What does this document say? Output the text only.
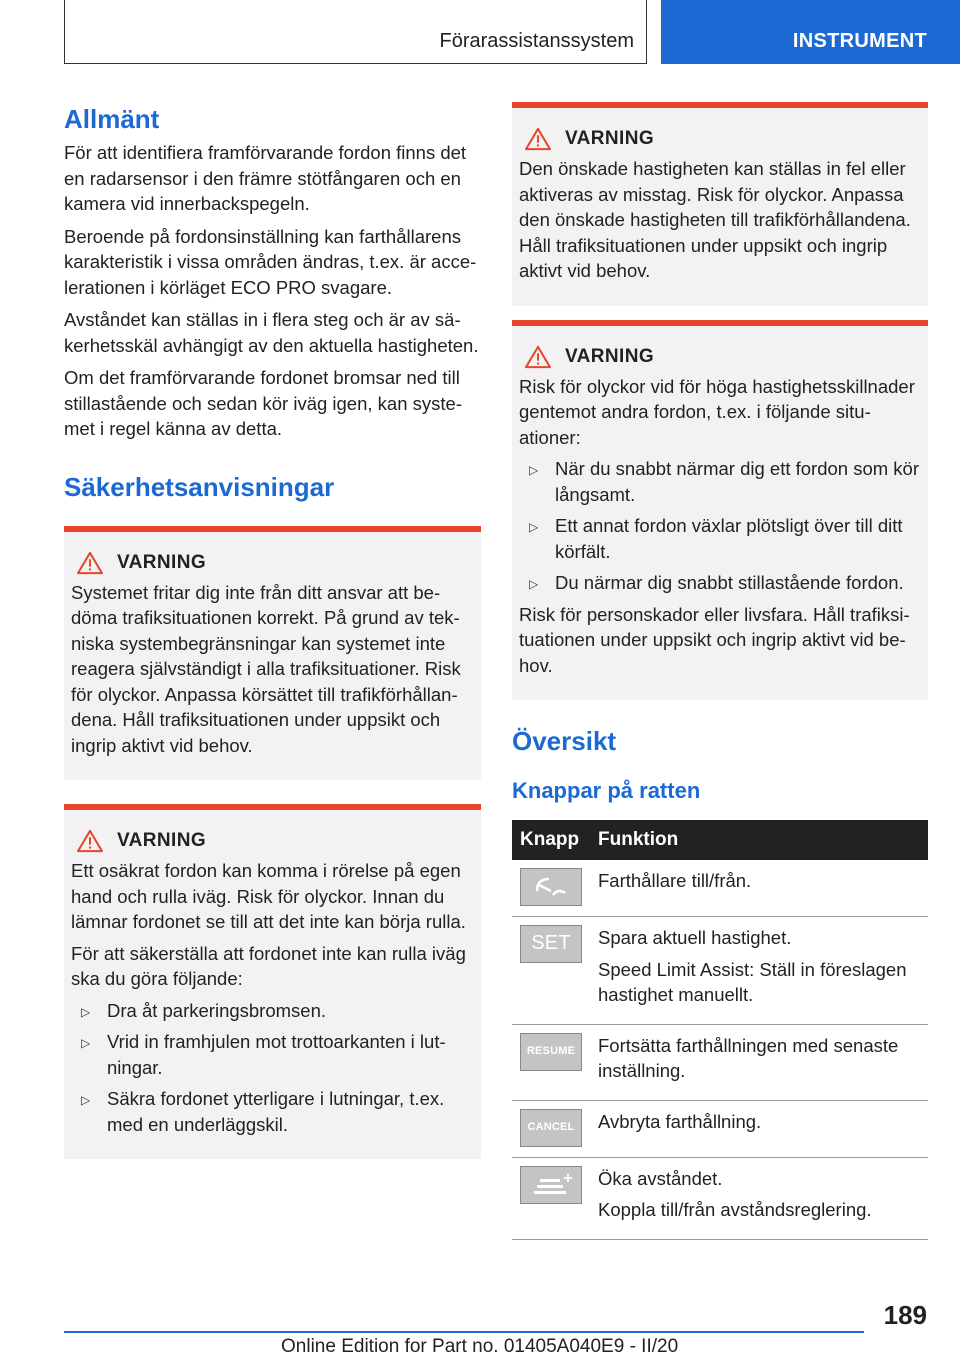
Förarassistanssystem	INSTRUMENT
Allmänt

För att identifiera framförvarande fordon finns det en radarsensor i den främre stötfångaren och en kamera vid innerbackspegeln.

Beroende på fordonsinställning kan farthållarens karakteristik i vissa områden ändras, t.ex. är accelerationen i körläget ECO PRO svagare.

Avståndet kan ställas in i flera steg och är av säkerhetsskäl avhängigt av den aktuella hastigheten.

Om det framförvarande fordonet bromsar ned till stillastående och sedan kör iväg igen, kan systemet i regel känna av detta.

Säkerhetsanvisningar
VARNING

Systemet fritar dig inte från ditt ansvar att bedöma trafiksituationen korrekt. På grund av tekniska systembegränsningar kan systemet inte reagera självständigt i alla trafiksituationer. Risk för olyckor. Anpassa körsättet till trafikförhållandena. Håll trafiksituationen under uppsikt och ingrip aktivt vid behov.

VARNING

Ett osäkrat fordon kan komma i rörelse på egen hand och rulla iväg. Risk för olyckor. Innan du lämnar fordonet se till att det inte kan börja rulla.

För att säkerställa att fordonet inte kan rulla iväg ska du göra följande:

▷ Dra åt parkeringsbromsen.
▷ Vrid in framhjulen mot trottoarkanten i lutningar.
▷ Säkra fordonet ytterligare i lutningar, t.ex. med en underläggskil.
VARNING

Den önskade hastigheten kan ställas in fel eller aktiveras av misstag. Risk för olyckor. Anpassa den önskade hastigheten till trafikförhållandena. Håll trafiksituationen under uppsikt och ingrip aktivt vid behov.

VARNING

Risk för olyckor vid för höga hastighetsskillnader gentemot andra fordon, t.ex. i följande situationer:

▷ När du snabbt närmar dig ett fordon som kör långsamt.
▷ Ett annat fordon växlar plötsligt över till ditt körfält.
▷ Du närmar dig snabbt stillastående fordon.

Risk för personskador eller livsfara. Håll trafiksituationen under uppsikt och ingrip aktivt vid behov.

Översikt
Knappar på ratten
Knapp	Funktion

Farthållare till/från.

SET	Spara aktuell hastighet.

Speed Limit Assist: Ställ in föreslagen hastighet manuellt.

RESUME	Fortsätta farthållningen med senaste inställning.

CANCEL	Avbryta farthållning.

Öka avståndet.

Koppla till/från avståndsreglering.

189
Online Edition for Part no. 01405A040E9 - II/20
